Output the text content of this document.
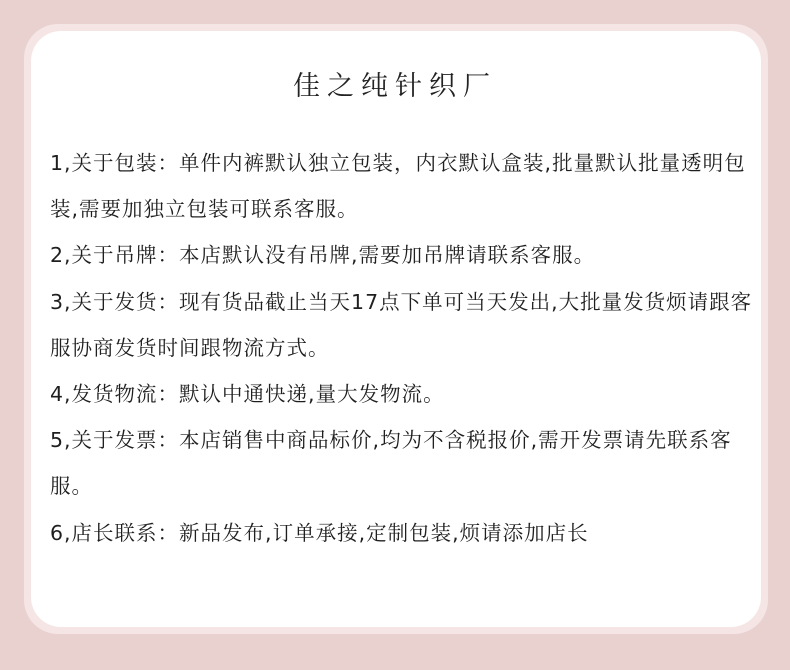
佳之纯针织厂
1,关于包装：单件内裤默认独立包装，内衣默认盒装,批量默认批量透明包装,需要加独立包装可联系客服。
2,关于吊牌：本店默认没有吊牌,需要加吊牌请联系客服。
3,关于发货：现有货品截止当天17点下单可当天发出,大批量发货烦请跟客服协商发货时间跟物流方式。
4,发货物流：默认中通快递,量大发物流。
5,关于发票：本店销售中商品标价,均为不含税报价,需开发票请先联系客服。
6,店长联系：新品发布,订单承接,定制包装,烦请添加店长
